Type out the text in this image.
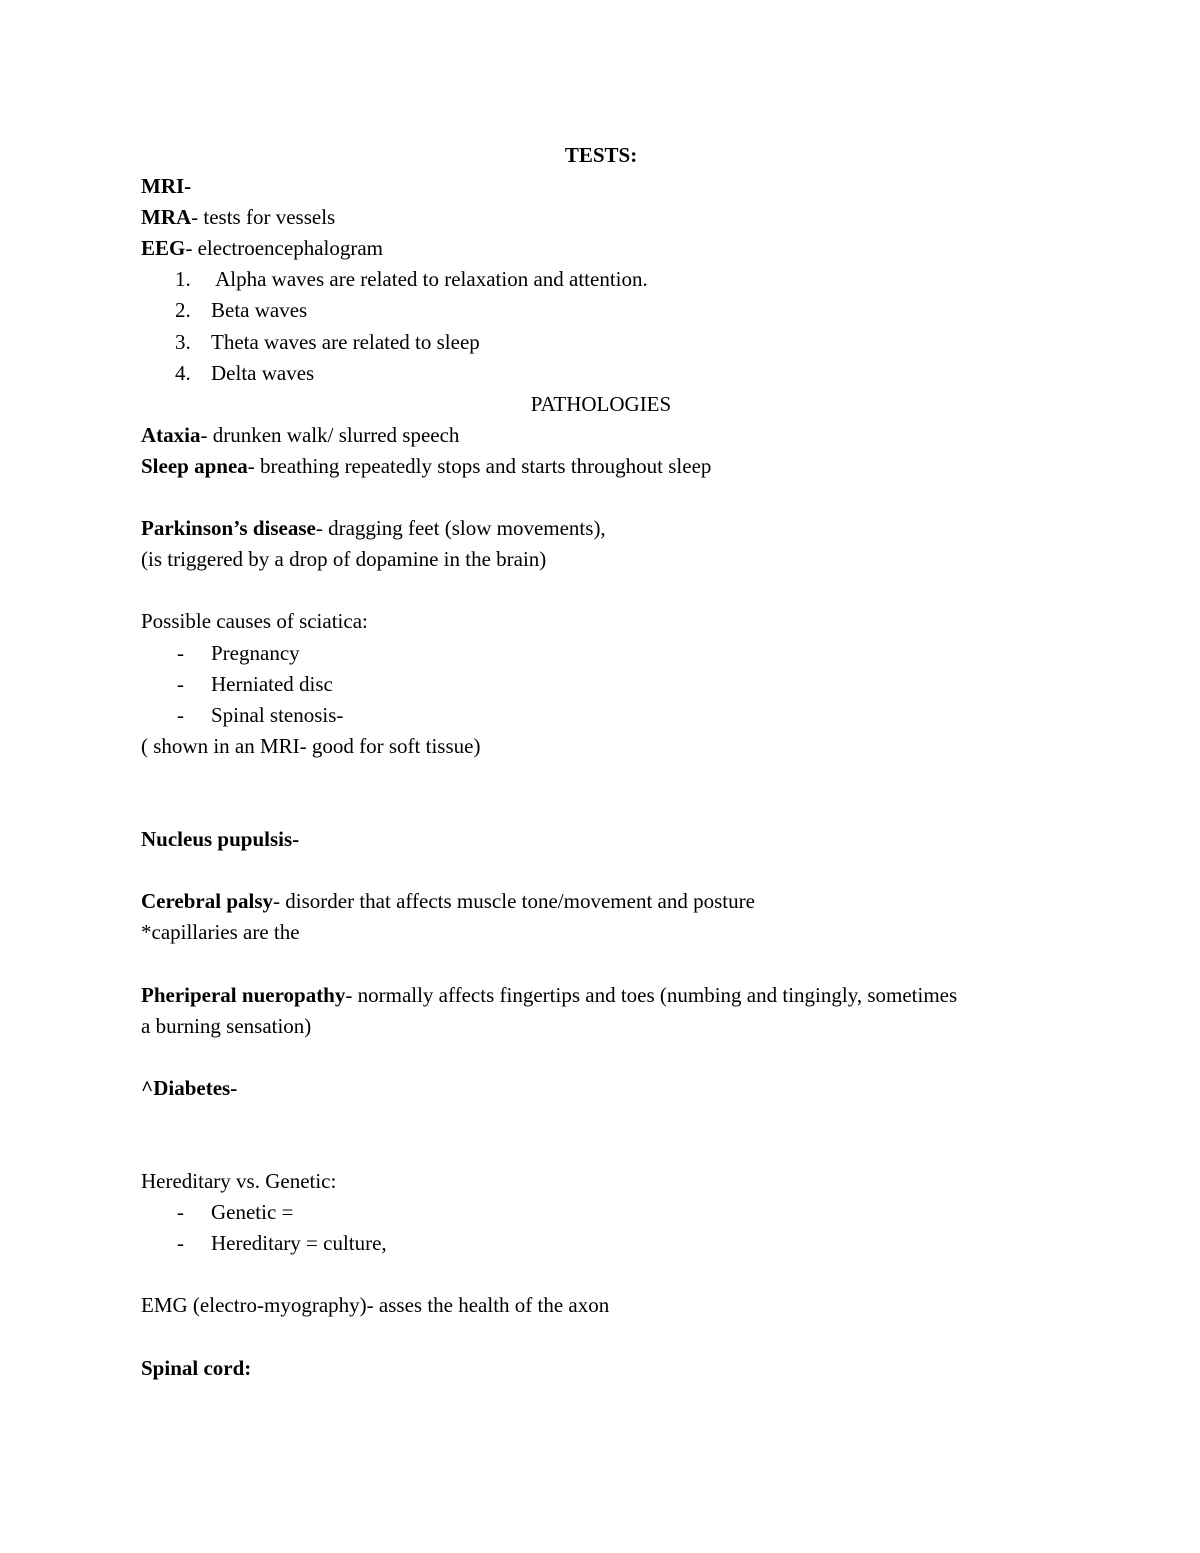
TESTS:
MRI-
MRA- tests for vessels
EEG- electroencephalogram
1. Alpha waves are related to relaxation and attention.
2. Beta waves
3. Theta waves are related to sleep
4. Delta waves
PATHOLOGIES
Ataxia- drunken walk/ slurred speech
Sleep apnea- breathing repeatedly stops and starts throughout sleep
Parkinson’s disease- dragging feet (slow movements),
(is triggered by a drop of dopamine in the brain)
Possible causes of sciatica:
- Pregnancy
- Herniated disc
- Spinal stenosis-
( shown in an MRI- good for soft tissue)
Nucleus pupulsis-
Cerebral palsy- disorder that affects muscle tone/movement and posture
*capillaries are the
Pheriperal nueropathy- normally affects fingertips and toes (numbing and tingingly, sometimes
a burning sensation)
^Diabetes-
Hereditary vs. Genetic:
- Genetic =
- Hereditary = culture,
EMG (electro-myography)- asses the health of the axon
Spinal cord:
